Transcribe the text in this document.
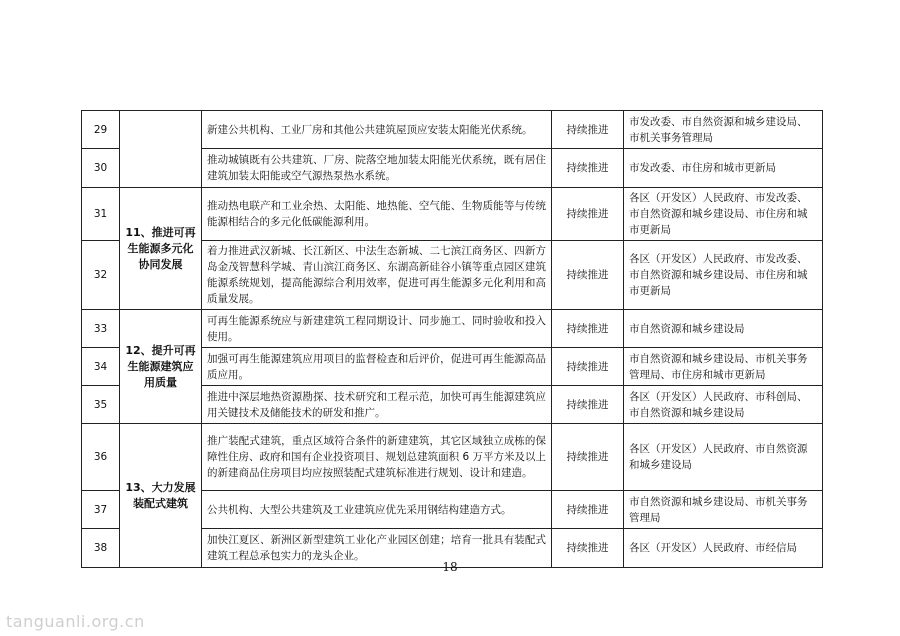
29		新建公共机构、工业厂房和其他公共建筑屋顶应安装太阳能光伏系统。	持续推进	市发改委、市自然资源和城乡建设局、市机关事务管理局
30		推动城镇既有公共建筑、厂房、院落空地加装太阳能光伏系统，既有居住建筑加装太阳能或空气源热泵热水系统。	持续推进	市发改委、市住房和城市更新局
31	11、推进可再生能源多元化协同发展	推动热电联产和工业余热、太阳能、地热能、空气能、生物质能等与传统能源相结合的多元化低碳能源利用。	持续推进	各区（开发区）人民政府、市发改委、市自然资源和城乡建设局、市住房和城市更新局
32		着力推进武汉新城、长江新区、中法生态新城、二七滨江商务区、四新方岛金茂智慧科学城、青山滨江商务区、东湖高新硅谷小镇等重点园区建筑能源系统规划，提高能源综合利用效率，促进可再生能源多元化利用和高质量发展。	持续推进	各区（开发区）人民政府、市发改委、市自然资源和城乡建设局、市住房和城市更新局
33	12、提升可再生能源建筑应用质量	可再生能源系统应与新建建筑工程同期设计、同步施工、同时验收和投入使用。	持续推进	市自然资源和城乡建设局
34		加强可再生能源建筑应用项目的监督检查和后评价，促进可再生能源高品质应用。	持续推进	市自然资源和城乡建设局、市机关事务管理局、市住房和城市更新局
35		推进中深层地热资源勘探、技术研究和工程示范，加快可再生能源建筑应用关键技术及储能技术的研发和推广。	持续推进	各区（开发区）人民政府、市科创局、市自然资源和城乡建设局
36	13、大力发展装配式建筑	推广装配式建筑，重点区域符合条件的新建建筑，其它区域独立成栋的保障性住房、政府和国有企业投资项目、规划总建筑面积 6 万平方米及以上的新建商品住房项目均应按照装配式建筑标准进行规划、设计和建造。	持续推进	各区（开发区）人民政府、市自然资源和城乡建设局
37		公共机构、大型公共建筑及工业建筑应优先采用钢结构建造方式。	持续推进	市自然资源和城乡建设局、市机关事务管理局
38		加快江夏区、新洲区新型建筑工业化产业园区创建；培育一批具有装配式建筑工程总承包实力的龙头企业。	持续推进	各区（开发区）人民政府、市经信局
18
tanguanli.org.cn
